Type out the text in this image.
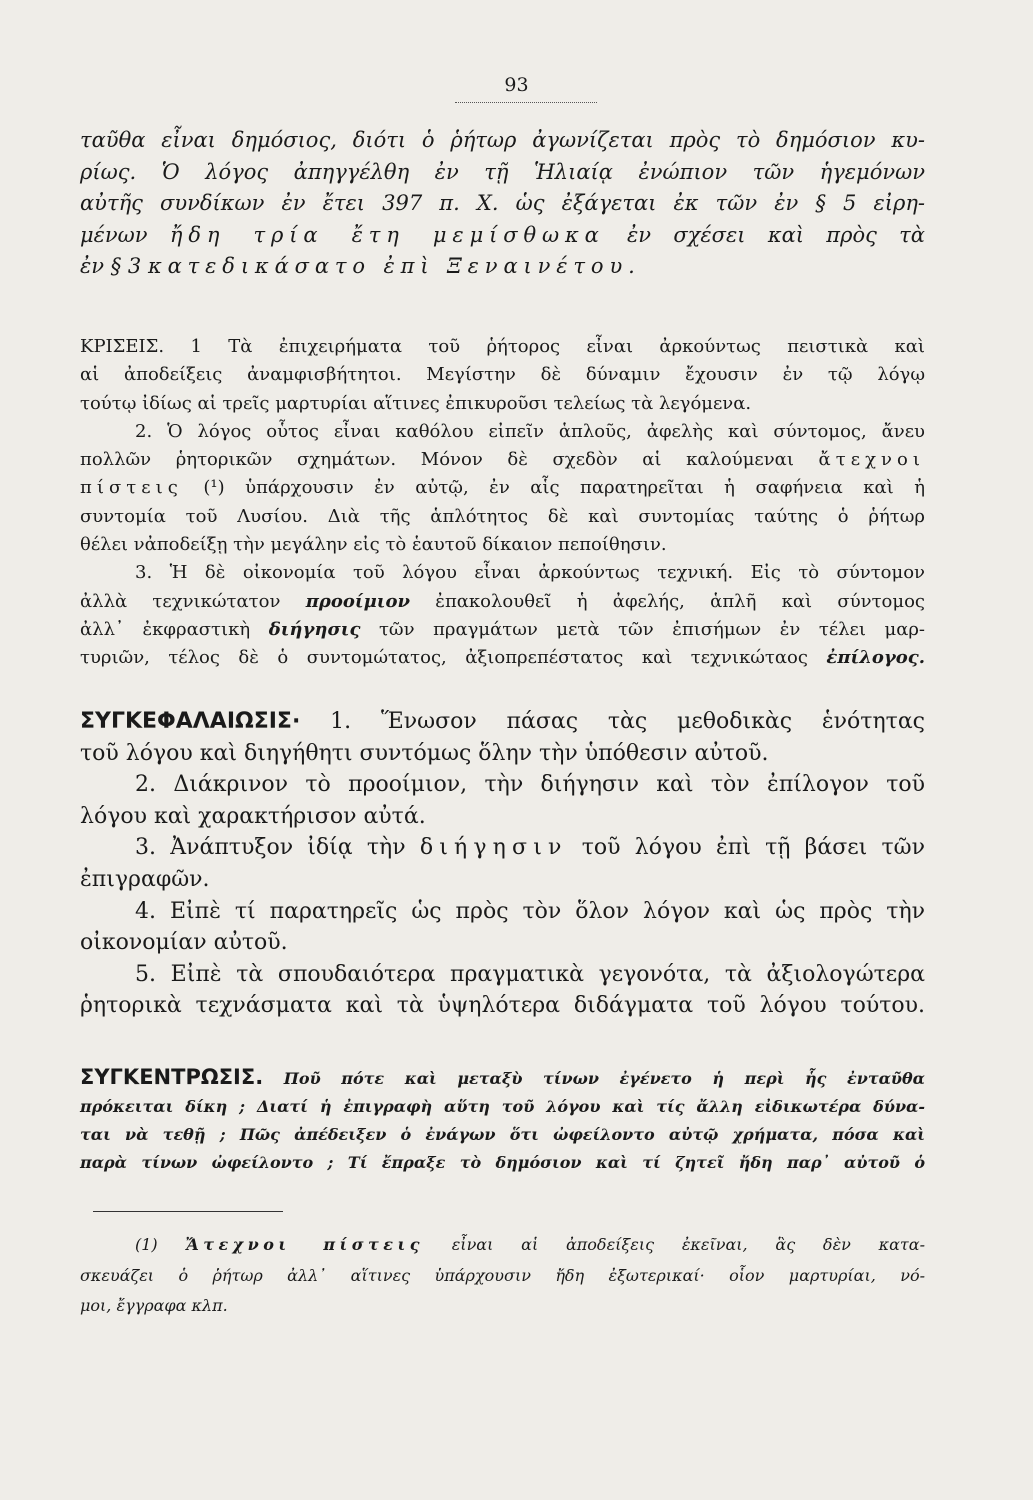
93
ταῦθα εἶναι δημόσιος, διότι ὁ ῥήτωρ ἀγωνίζεται πρὸς τὸ δημόσιον κυ-
ρίως. Ὁ λόγος ἀπηγγέλθη ἐν τῇ Ἡλιαίᾳ ἐνώπιον τῶν ἡγεμόνων
αὐτῆς συνδίκων ἐν ἔτει 397 π. Χ. ὡς ἐξάγεται ἐκ τῶν ἐν § 5 εἰρη-
μένων ἤδη τρία ἔτη μεμίσθωκα ἐν σχέσει καὶ πρὸς τὰ
ἐν § 3 κατεδικάσατο ἐπὶ Ξεναινέτου.
ΚΡΙΣΕΙΣ. 1 Τὰ ἐπιχειρήματα τοῦ ῥήτορος εἶναι ἀρκούντως πειστικὰ καὶ
αἱ ἀποδείξεις ἀναμφισβήτητοι. Μεγίστην δὲ δύναμιν ἔχουσιν ἐν τῷ λόγῳ
τούτῳ ἰδίως αἱ τρεῖς μαρτυρίαι αἵτινες ἐπικυροῦσι τελείως τὰ λεγόμενα.
2. Ὁ λόγος οὗτος εἶναι καθόλου εἰπεῖν ἁπλοῦς, ἀφελὴς καὶ σύντομος, ἄνευ
πολλῶν ῥητορικῶν σχημάτων. Μόνον δὲ σχεδὸν αἱ καλούμεναι ἄτεχνοι
πίστεις (¹) ὑπάρχουσιν ἐν αὐτῷ, ἐν αἷς παρατηρεῖται ἡ σαφήνεια καὶ ἡ
συντομία τοῦ Λυσίου. Διὰ τῆς ἁπλότητος δὲ καὶ συντομίας ταύτης ὁ ῥήτωρ
θέλει νἀποδείξῃ τὴν μεγάλην εἰς τὸ ἑαυτοῦ δίκαιον πεποίθησιν.
3. Ἡ δὲ οἰκονομία τοῦ λόγου εἶναι ἀρκούντως τεχνική. Εἰς τὸ σύντομον
ἀλλὰ τεχνικώτατον προοίμιον ἐπακολουθεῖ ἡ ἀφελής, ἁπλῆ καὶ σύντομος
ἀλλ᾽ ἐκφραστικὴ διήγησις τῶν πραγμάτων μετὰ τῶν ἐπισήμων ἐν τέλει μαρ-
τυριῶν, τέλος δὲ ὁ συντομώτατος, ἀξιοπρεπέστατος καὶ τεχνικώταος ἐπίλογος.
ΣΥΓΚΕΦΑΛΑΙΩΣΙΣ· 1. Ἕνωσον πάσας τὰς μεθοδικὰς ἑνότητας
τοῦ λόγου καὶ διηγήθητι συντόμως ὅλην τὴν ὑπόθεσιν αὐτοῦ.
2. Διάκρινον τὸ προοίμιον, τὴν διήγησιν καὶ τὸν ἐπίλογον τοῦ
λόγου καὶ χαρακτήρισον αὐτά.
3. Ἀνάπτυξον ἰδίᾳ τὴν διήγησιν τοῦ λόγου ἐπὶ τῇ βάσει τῶν
ἐπιγραφῶν.
4. Εἰπὲ τί παρατηρεῖς ὡς πρὸς τὸν ὅλον λόγον καὶ ὡς πρὸς τὴν
οἰκονομίαν αὐτοῦ.
5. Εἰπὲ τὰ σπουδαιότερα πραγματικὰ γεγονότα, τὰ ἀξιολογώτερα
ῥητορικὰ τεχνάσματα καὶ τὰ ὑψηλότερα διδάγματα τοῦ λόγου τούτου.
ΣΥΓΚΕΝΤΡΩΣΙΣ. Ποῦ πότε καὶ μεταξὺ τίνων ἐγένετο ἡ περὶ ἧς ἐνταῦθα
πρόκειται δίκη ; Διατί ἡ ἐπιγραφὴ αὕτη τοῦ λόγου καὶ τίς ἄλλη εἰδικωτέρα δύνα-
ται νὰ τεθῇ ; Πῶς ἀπέδειξεν ὁ ἐνάγων ὅτι ὠφείλοντο αὐτῷ χρήματα, πόσα καὶ
παρὰ τίνων ὠφείλοντο ; Τί ἔπραξε τὸ δημόσιον καὶ τί ζητεῖ ἤδη παρ᾽ αὐτοῦ ὁ
(1) Ἄτεχνοι πίστεις εἶναι αἱ ἀποδείξεις ἐκεῖναι, ἃς δὲν κατα-
σκευάζει ὁ ῥήτωρ ἀλλ᾽ αἵτινες ὑπάρχουσιν ἤδη ἐξωτερικαί· οἷον μαρτυρίαι, νό-
μοι, ἔγγραφα κλπ.
